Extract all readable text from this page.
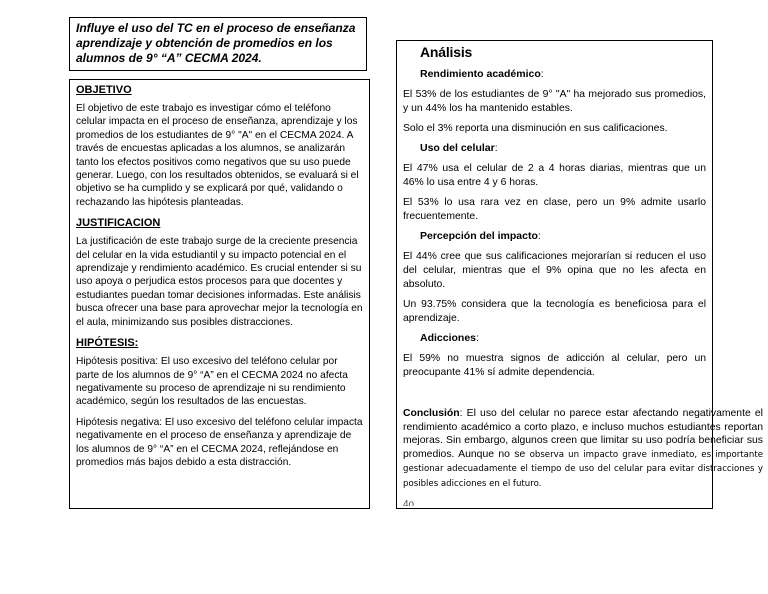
Influye el uso del TC en el proceso de enseñanza aprendizaje y obtención de promedios en los alumnos de 9° “A” CECMA 2024.

OBJETIVO

El objetivo de este trabajo es investigar cómo el teléfono celular impacta en el proceso de enseñanza, aprendizaje y los promedios de los estudiantes de 9° "A" en el CECMA 2024. A través de encuestas aplicadas a los alumnos, se analizarán tanto los efectos positivos como negativos que su uso puede generar. Luego, con los resultados obtenidos, se evaluará si el objetivo se ha cumplido y se explicará por qué, validando o rechazando las hipótesis planteadas.

JUSTIFICACION

La justificación de este trabajo surge de la creciente presencia del celular en la vida estudiantil y su impacto potencial en el aprendizaje y rendimiento académico. Es crucial entender si su uso apoya o perjudica estos procesos para que docentes y estudiantes puedan tomar decisiones informadas. Este análisis busca ofrecer una base para aprovechar mejor la tecnología en el aula, minimizando sus posibles distracciones.

HIPÓTESIS:

Hipótesis positiva: El uso excesivo del teléfono celular por parte de los alumnos de 9° “A” en el CECMA 2024 no afecta negativamente su proceso de aprendizaje ni su rendimiento académico, según los resultados de las encuestas.

Hipótesis negativa: El uso excesivo del teléfono celular impacta negativamente en el proceso de enseñanza y aprendizaje de los alumnos de 9° “A” en el CECMA 2024, reflejándose en promedios más bajos debido a esta distracción.

Análisis

Rendimiento académico:

El 53% de los estudiantes de 9° "A" ha mejorado sus promedios, y un 44% los ha mantenido estables.

Solo el 3% reporta una disminución en sus calificaciones.

Uso del celular:

El 47% usa el celular de 2 a 4 horas diarias, mientras que un 46% lo usa entre 4 y 6 horas.

El 53% lo usa rara vez en clase, pero un 9% admite usarlo frecuentemente.

Percepción del impacto:

El 44% cree que sus calificaciones mejorarían si reducen el uso del celular, mientras que el 9% opina que no les afecta en absoluto.

Un 93.75% considera que la tecnología es beneficiosa para el aprendizaje.

Adicciones:

El 59% no muestra signos de adicción al celular, pero un preocupante 41% sí admite dependencia.

Conclusión: El uso del celular no parece estar afectando negativamente el rendimiento académico a corto plazo, e incluso muchos estudiantes reportan mejoras. Sin embargo, algunos creen que limitar su uso podría beneficiar sus promedios. Aunque no se observa un impacto grave inmediato, es importante gestionar adecuadamente el tiempo de uso del celular para evitar distracciones y posibles adicciones en el futuro.

4o
